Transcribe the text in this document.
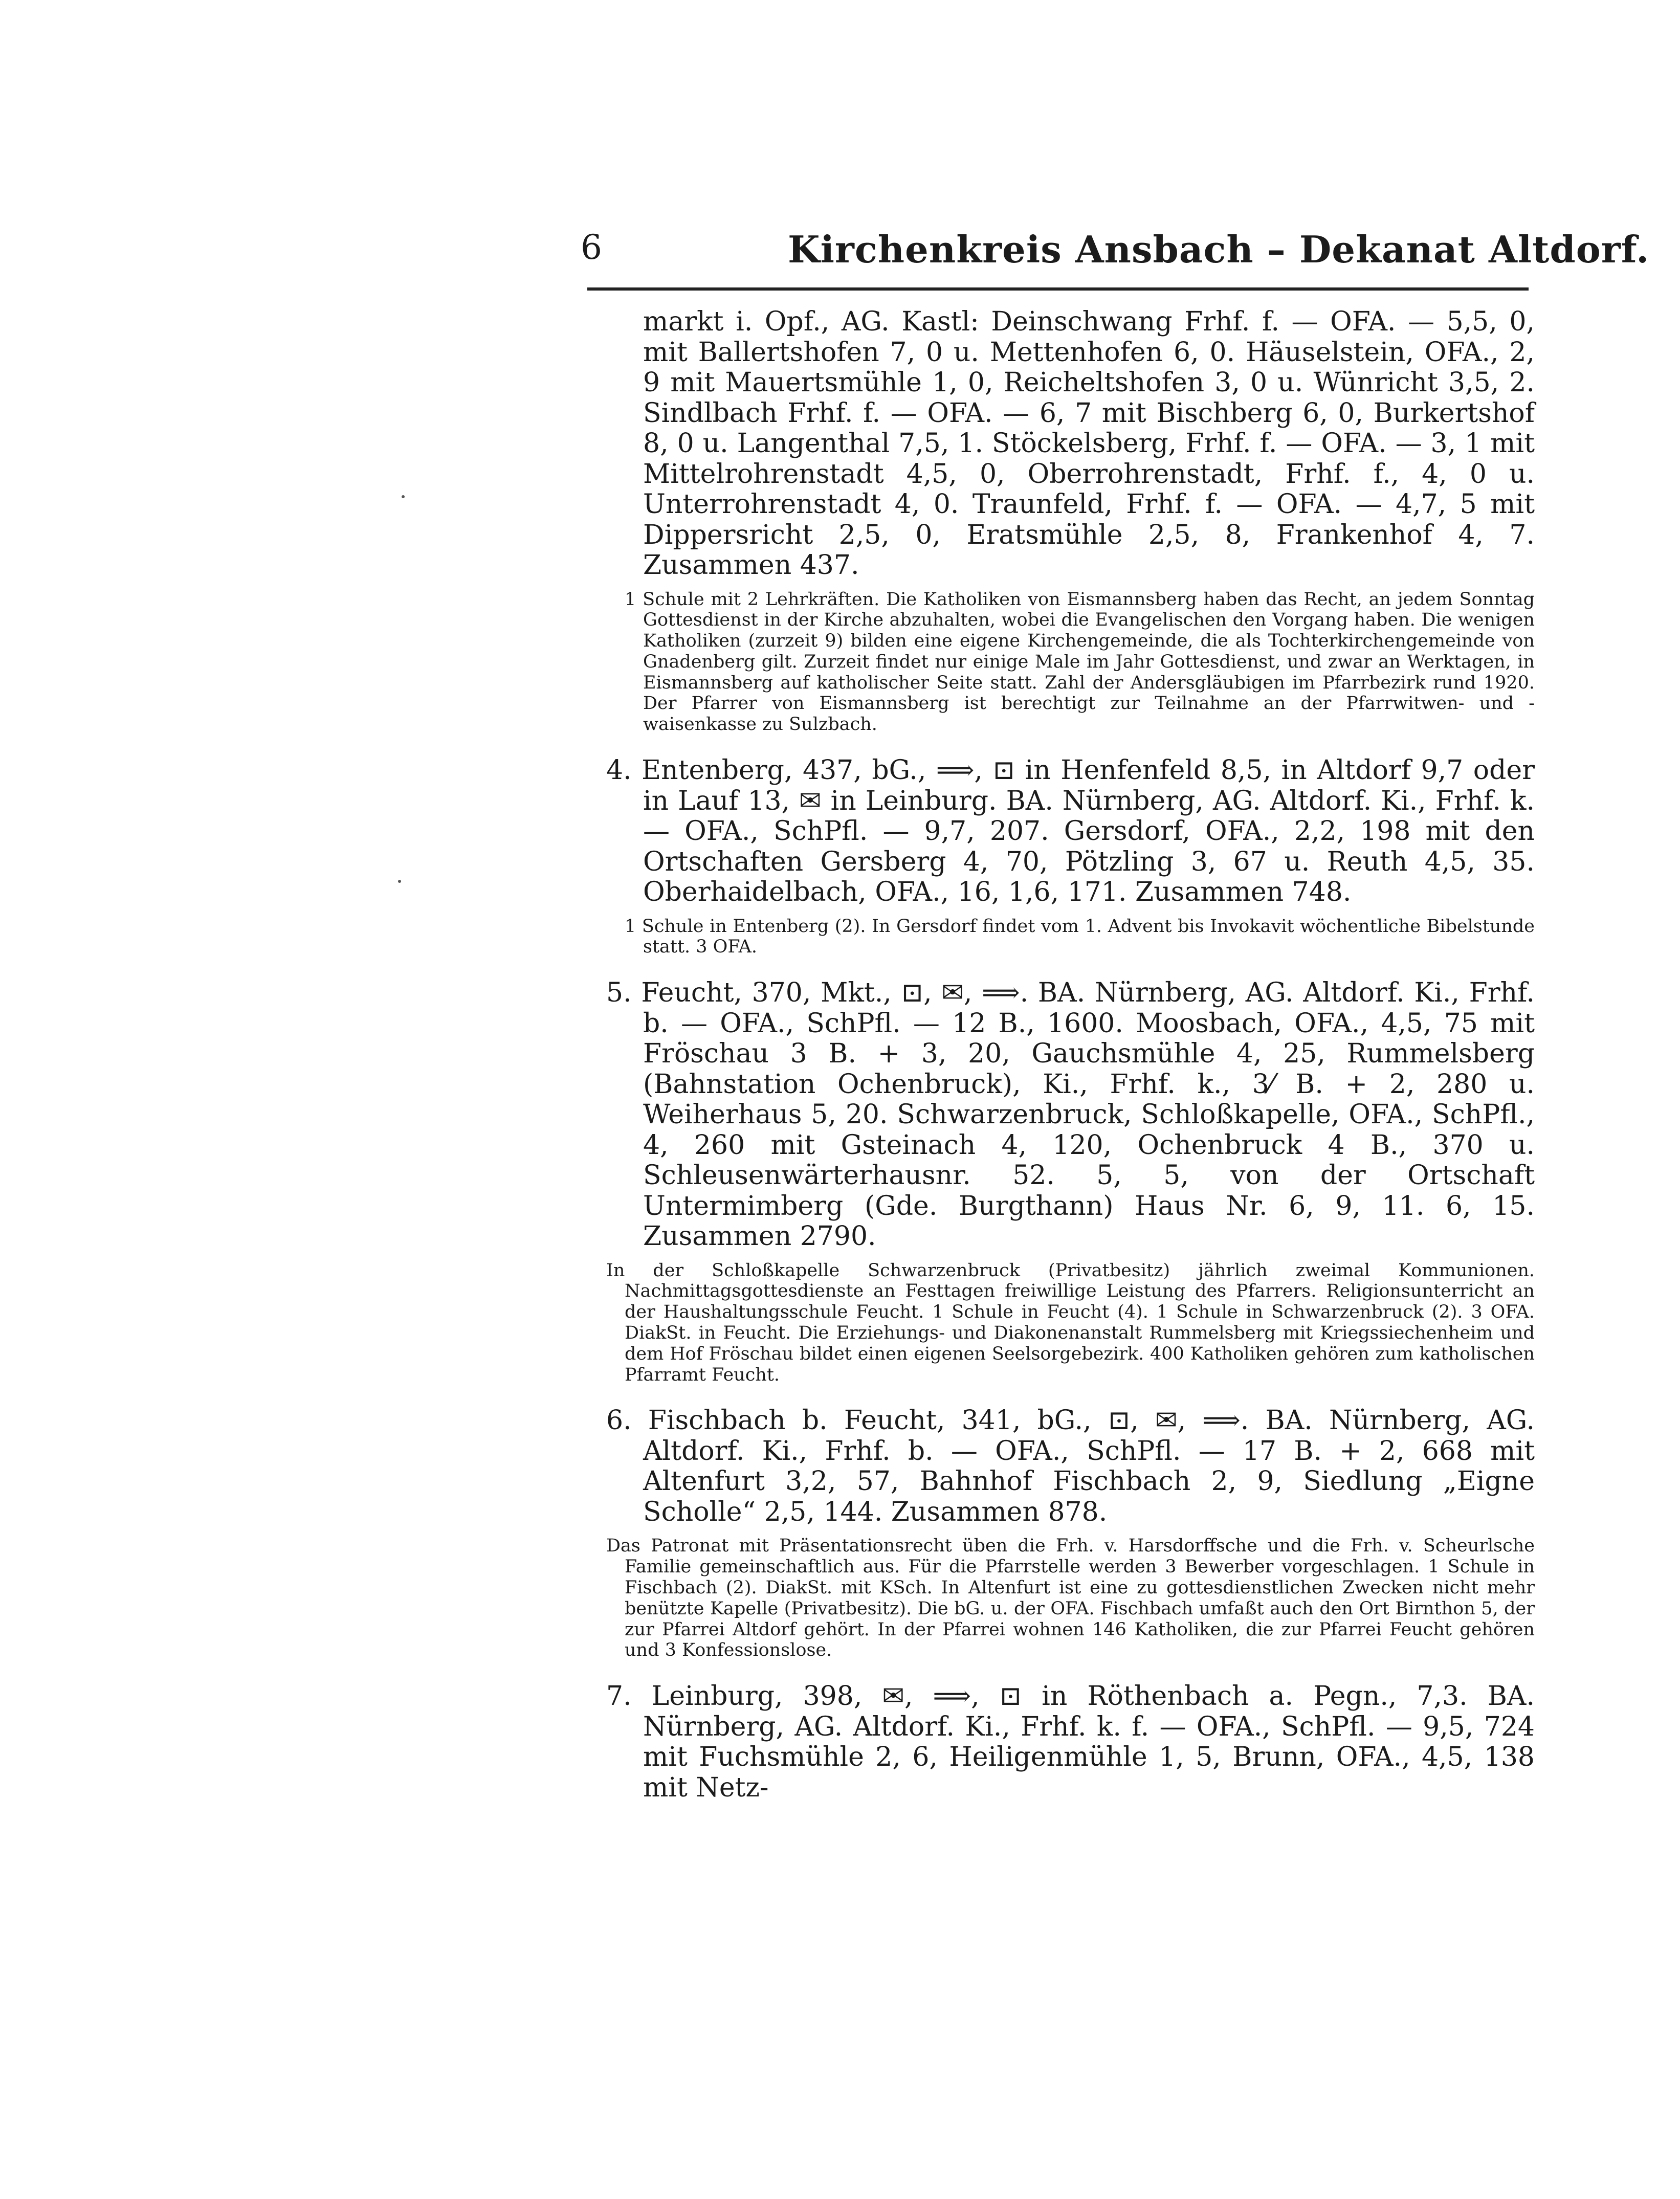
6	Kirchenkreis Ansbach – Dekanat Altdorf.

markt i. Opf., AG. Kastl: Deinschwang Frhf. f. — OFA. — 5,5, 0, mit Ballertshofen 7, 0 u. Mettenhofen 6, 0. Häuselstein, OFA., 2, 9 mit Mauertsmühle 1, 0, Reicheltshofen 3, 0 u. Wünricht 3,5, 2. Sindlbach Frhf. f. — OFA. — 6, 7 mit Bischberg 6, 0, Burkertshof 8, 0 u. Langenthal 7,5, 1. Stöckelsberg, Frhf. f. — OFA. — 3, 1 mit Mittelrohrenstadt 4,5, 0, Oberrohrenstadt, Frhf. f., 4, 0 u. Unterrohrenstadt 4, 0. Traunfeld, Frhf. f. — OFA. — 4,7, 5 mit Dippersricht 2,5, 0, Eratsmühle 2,5, 8, Frankenhof 4, 7. Zusammen 437.

1 Schule mit 2 Lehrkräften. Die Katholiken von Eismannsberg haben das Recht, an jedem Sonntag Gottesdienst in der Kirche abzuhalten, wobei die Evangelischen den Vorgang haben. Die wenigen Katholiken (zurzeit 9) bilden eine eigene Kirchengemeinde, die als Tochterkirchengemeinde von Gnadenberg gilt. Zurzeit findet nur einige Male im Jahr Gottesdienst, und zwar an Werktagen, in Eismannsberg auf katholischer Seite statt. Zahl der Andersgläubigen im Pfarrbezirk rund 1920. Der Pfarrer von Eismannsberg ist berechtigt zur Teilnahme an der Pfarrwitwen- und -waisenkasse zu Sulzbach.

4. Entenberg, 437, bG., ⟹, ⊡ in Henfenfeld 8,5, in Altdorf 9,7 oder in Lauf 13, ✉ in Leinburg. BA. Nürnberg, AG. Altdorf. Ki., Frhf. k. — OFA., SchPfl. — 9,7, 207. Gersdorf, OFA., 2,2, 198 mit den Ortschaften Gersberg 4, 70, Pötzling 3, 67 u. Reuth 4,5, 35. Oberhaidelbach, OFA., 16, 1,6, 171. Zusammen 748.

1 Schule in Entenberg (2). In Gersdorf findet vom 1. Advent bis Invokavit wöchentliche Bibelstunde statt. 3 OFA.

5. Feucht, 370, Mkt., ⊡, ✉, ⟹. BA. Nürnberg, AG. Altdorf. Ki., Frhf. b. — OFA., SchPfl. — 12 B., 1600. Moosbach, OFA., 4,5, 75 mit Fröschau 3 B. + 3, 20, Gauchsmühle 4, 25, Rummelsberg (Bahnstation Ochenbruck), Ki., Frhf. k., 3⁄ B. + 2, 280 u. Weiherhaus 5, 20. Schwarzenbruck, Schloßkapelle, OFA., SchPfl., 4, 260 mit Gsteinach 4, 120, Ochenbruck 4 B., 370 u. Schleusenwärterhausnr. 52. 5, 5, von der Ortschaft Untermimberg (Gde. Burgthann) Haus Nr. 6, 9, 11. 6, 15. Zusammen 2790.

In der Schloßkapelle Schwarzenbruck (Privatbesitz) jährlich zweimal Kommunionen. Nachmittagsgottesdienste an Festtagen freiwillige Leistung des Pfarrers. Religionsunterricht an der Haushaltungsschule Feucht. 1 Schule in Feucht (4). 1 Schule in Schwarzenbruck (2). 3 OFA. DiakSt. in Feucht. Die Erziehungs- und Diakonenanstalt Rummelsberg mit Kriegssiechenheim und dem Hof Fröschau bildet einen eigenen Seelsorgebezirk. 400 Katholiken gehören zum katholischen Pfarramt Feucht.

6. Fischbach b. Feucht, 341, bG., ⊡, ✉, ⟹. BA. Nürnberg, AG. Altdorf. Ki., Frhf. b. — OFA., SchPfl. — 17 B. + 2, 668 mit Altenfurt 3,2, 57, Bahnhof Fischbach 2, 9, Siedlung „Eigne Scholle“ 2,5, 144. Zusammen 878.

Das Patronat mit Präsentationsrecht üben die Frh. v. Harsdorffsche und die Frh. v. Scheurlsche Familie gemeinschaftlich aus. Für die Pfarrstelle werden 3 Bewerber vorgeschlagen. 1 Schule in Fischbach (2). DiakSt. mit KSch. In Altenfurt ist eine zu gottesdienstlichen Zwecken nicht mehr benützte Kapelle (Privatbesitz). Die bG. u. der OFA. Fischbach umfaßt auch den Ort Birnthon 5, der zur Pfarrei Altdorf gehört. In der Pfarrei wohnen 146 Katholiken, die zur Pfarrei Feucht gehören und 3 Konfessionslose.

7. Leinburg, 398, ✉, ⟹, ⊡ in Röthenbach a. Pegn., 7,3. BA. Nürnberg, AG. Altdorf. Ki., Frhf. k. f. — OFA., SchPfl. — 9,5, 724 mit Fuchsmühle 2, 6, Heiligenmühle 1, 5, Brunn, OFA., 4,5, 138 mit Netz-
